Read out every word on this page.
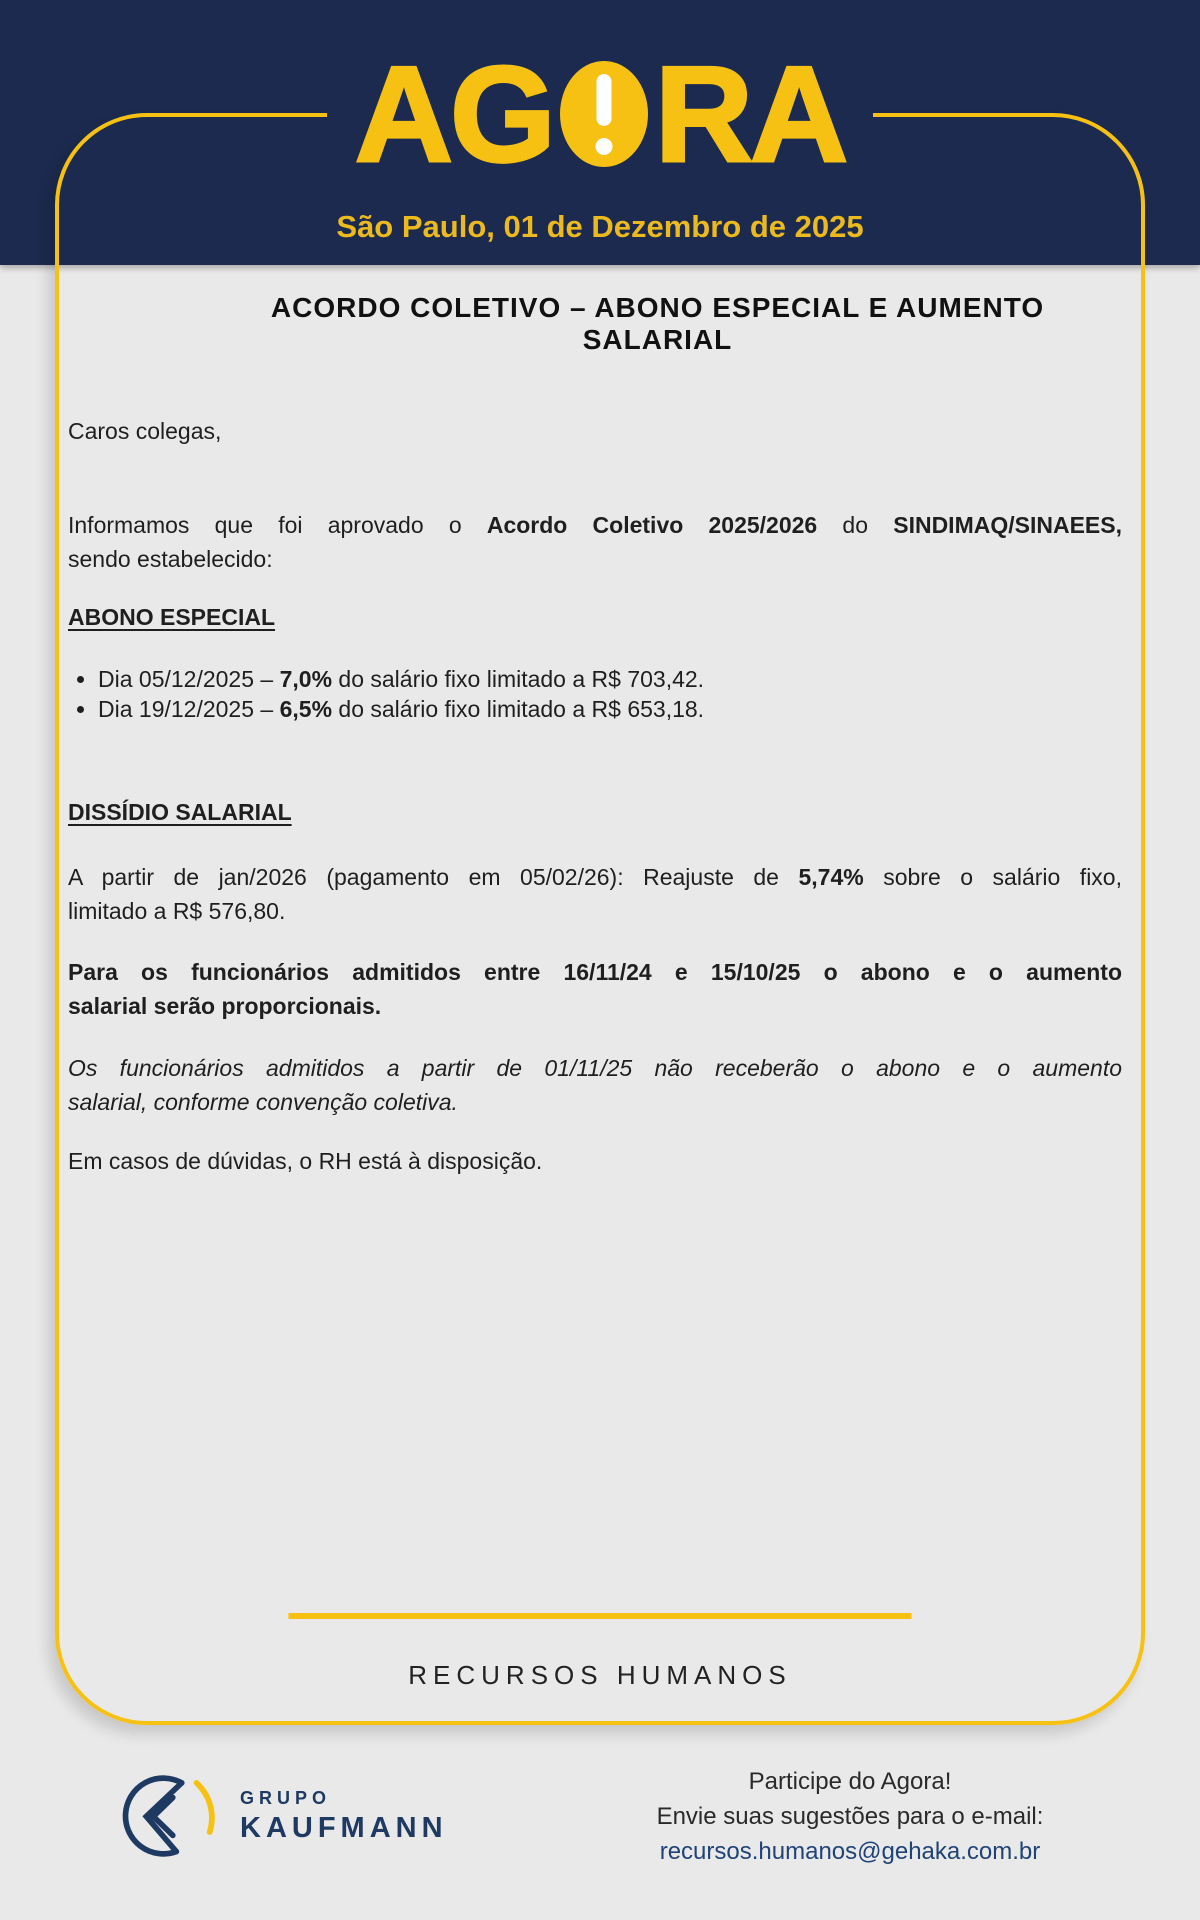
AG RA
São Paulo, 01 de Dezembro de 2025
ACORDO COLETIVO – ABONO ESPECIAL E AUMENTO SALARIAL
Caros colegas,
Informamos que foi aprovado o Acordo Coletivo 2025/2026 do SINDIMAQ/SINAEES,
sendo estabelecido:
ABONO ESPECIAL
• Dia 05/12/2025 – 7,0% do salário fixo limitado a R$ 703,42.
• Dia 19/12/2025 – 6,5% do salário fixo limitado a R$ 653,18.
DISSÍDIO SALARIAL
A partir de jan/2026 (pagamento em 05/02/26): Reajuste de 5,74% sobre o salário fixo,
limitado a R$ 576,80.
Para os funcionários admitidos entre 16/11/24 e 15/10/25 o abono e o aumento
salarial serão proporcionais.
Os funcionários admitidos a partir de 01/11/25 não receberão o abono e o aumento
salarial, conforme convenção coletiva.
Em casos de dúvidas, o RH está à disposição.
RECURSOS HUMANOS
GRUPO
KAUFMANN
Participe do Agora!
Envie suas sugestões para o e-mail:
recursos.humanos@gehaka.com.br
